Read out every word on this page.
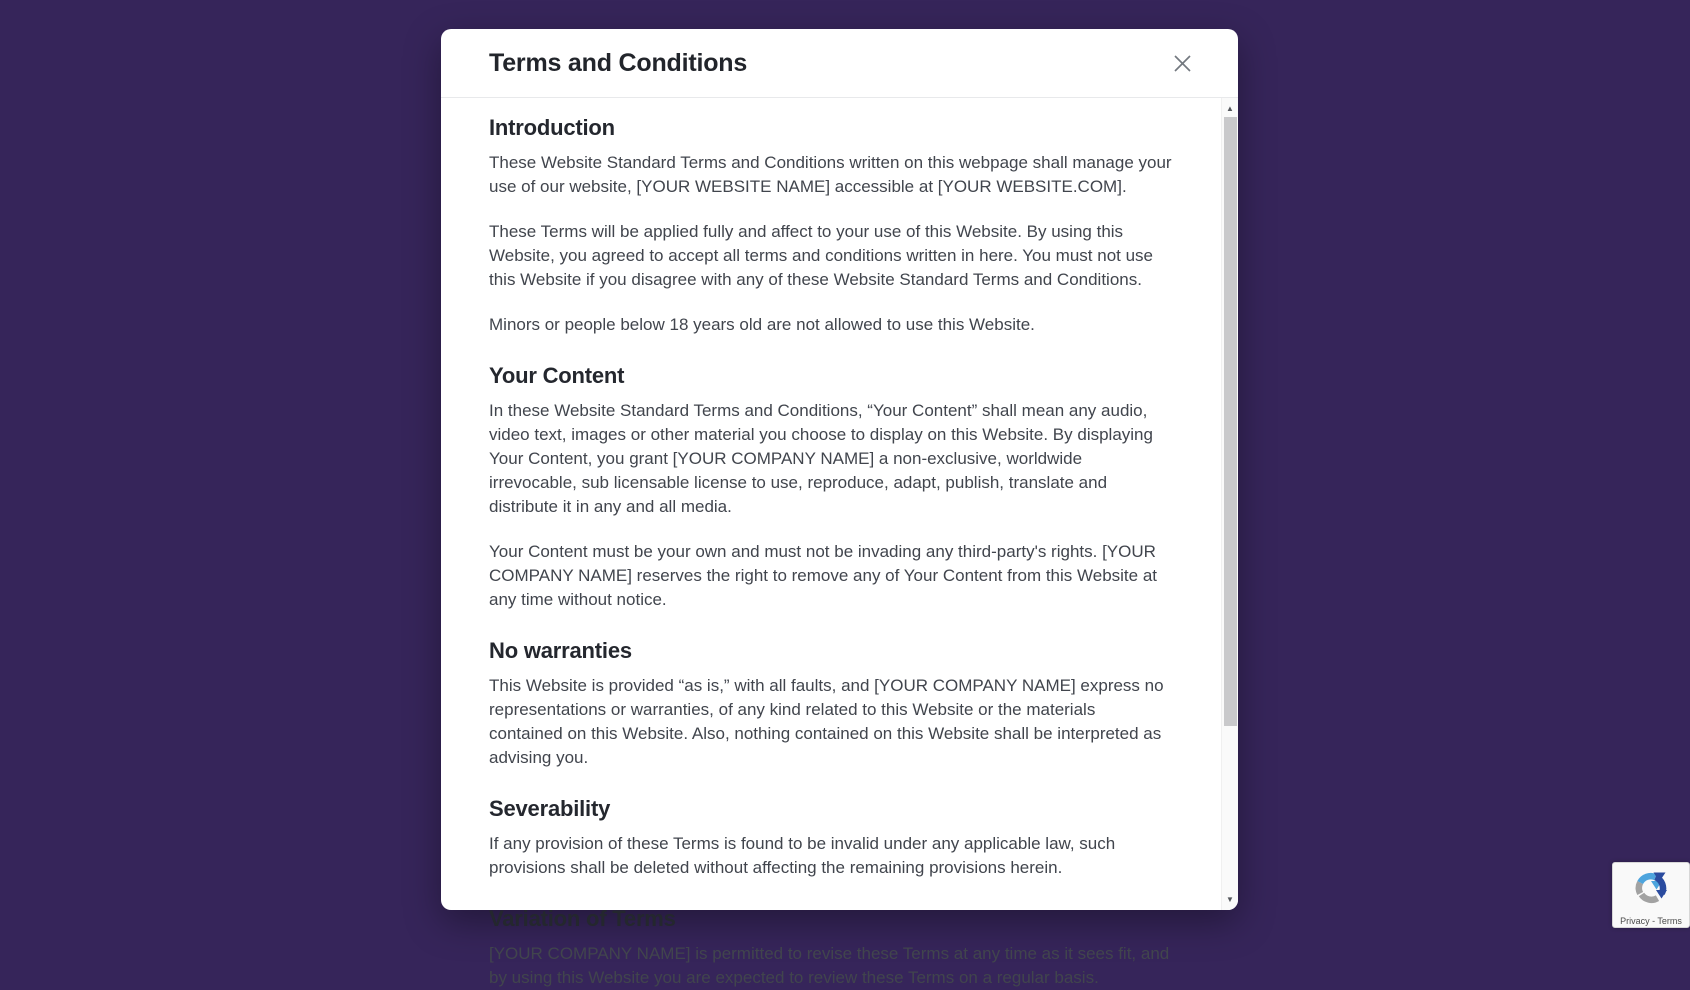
Terms and Conditions
Introduction

These Website Standard Terms and Conditions written on this webpage shall manage your use of our website, [YOUR WEBSITE NAME] accessible at [YOUR WEBSITE.COM].

These Terms will be applied fully and affect to your use of this Website. By using this Website, you agreed to accept all terms and conditions written in here. You must not use this Website if you disagree with any of these Website Standard Terms and Conditions.

Minors or people below 18 years old are not allowed to use this Website.

Your Content

In these Website Standard Terms and Conditions, “Your Content” shall mean any audio, video text, images or other material you choose to display on this Website. By displaying Your Content, you grant [YOUR COMPANY NAME] a non-exclusive, worldwide irrevocable, sub licensable license to use, reproduce, adapt, publish, translate and distribute it in any and all media.

Your Content must be your own and must not be invading any third-party's rights. [YOUR COMPANY NAME] reserves the right to remove any of Your Content from this Website at any time without notice.

No warranties

This Website is provided “as is,” with all faults, and [YOUR COMPANY NAME] express no representations or warranties, of any kind related to this Website or the materials contained on this Website. Also, nothing contained on this Website shall be interpreted as advising you.

Severability

If any provision of these Terms is found to be invalid under any applicable law, such provisions shall be deleted without affecting the remaining provisions herein.

Variation of Terms

[YOUR COMPANY NAME] is permitted to revise these Terms at any time as it sees fit, and by using this Website you are expected to review these Terms on a regular basis.

▲
▼
Privacy - Terms
